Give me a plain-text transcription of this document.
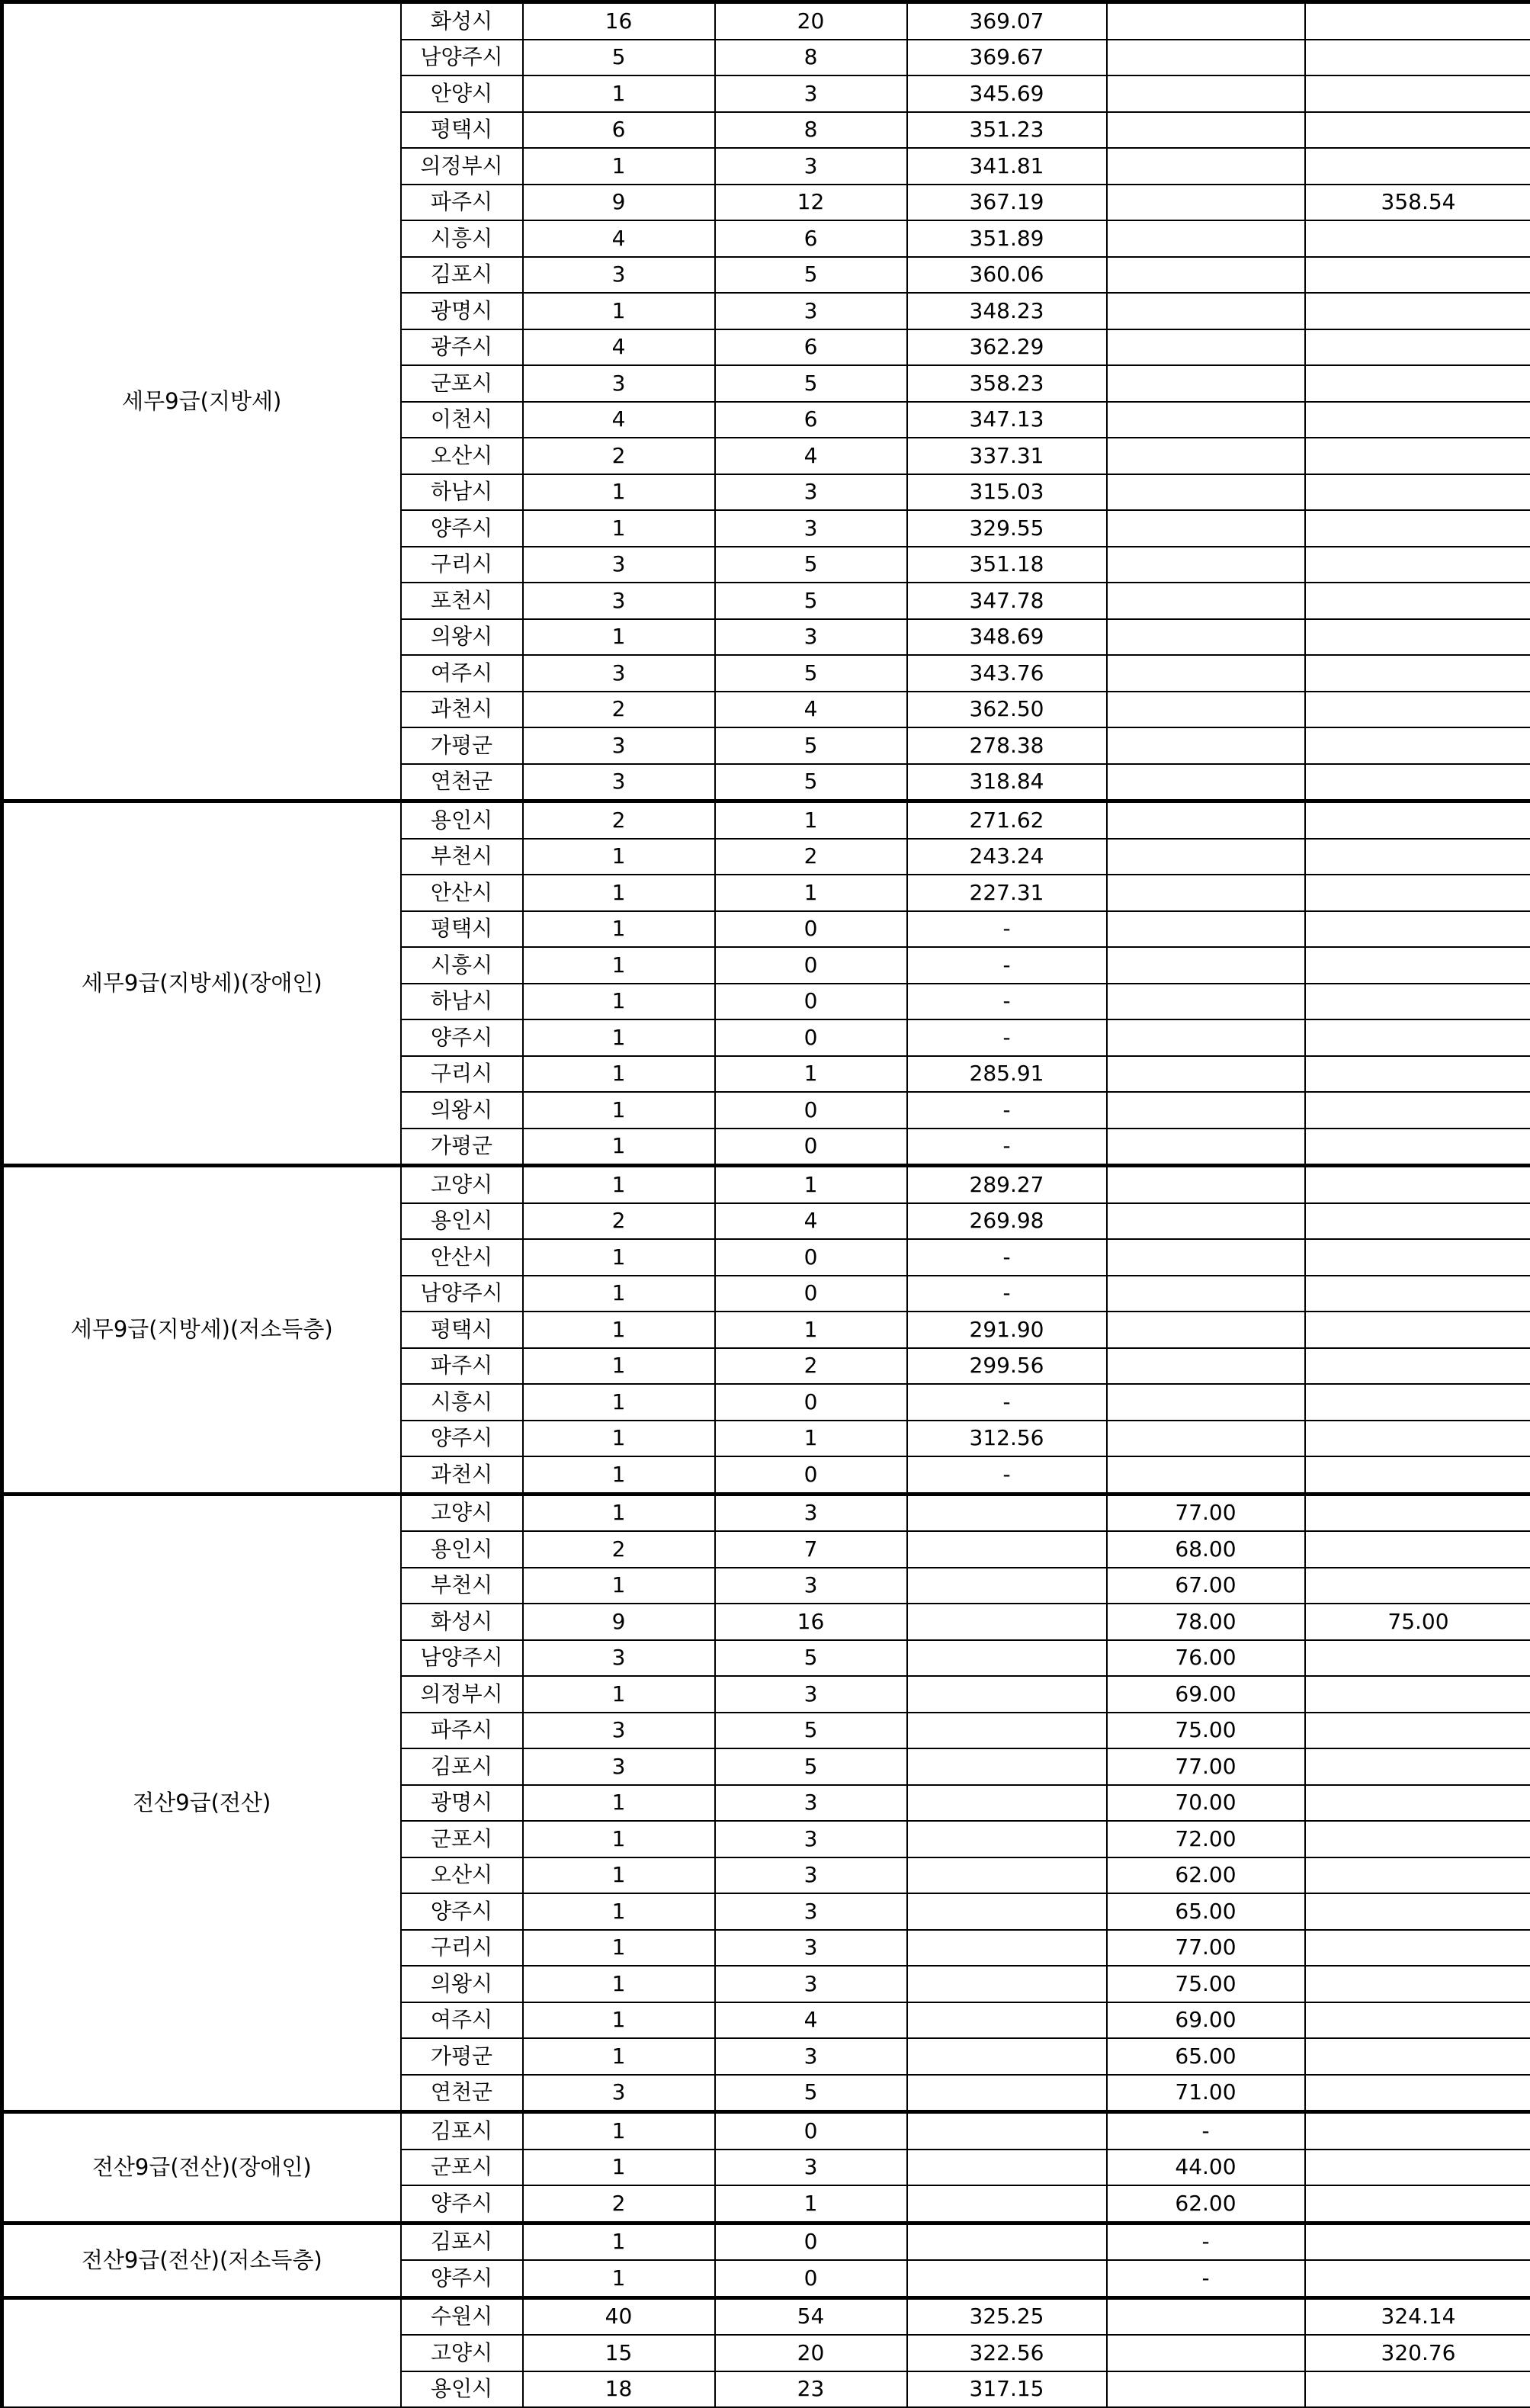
세무9급(지방세)	화성시	16	20	369.07		
	남양주시	5	8	369.67		
	안양시	1	3	345.69		
	평택시	6	8	351.23		
	의정부시	1	3	341.81		
	파주시	9	12	367.19		358.54
	시흥시	4	6	351.89		
	김포시	3	5	360.06		
	광명시	1	3	348.23		
	광주시	4	6	362.29		
	군포시	3	5	358.23		
	이천시	4	6	347.13		
	오산시	2	4	337.31		
	하남시	1	3	315.03		
	양주시	1	3	329.55		
	구리시	3	5	351.18		
	포천시	3	5	347.78		
	의왕시	1	3	348.69		
	여주시	3	5	343.76		
	과천시	2	4	362.50		
	가평군	3	5	278.38		
	연천군	3	5	318.84		
세무9급(지방세)(장애인)	용인시	2	1	271.62		
	부천시	1	2	243.24		
	안산시	1	1	227.31		
	평택시	1	0	-		
	시흥시	1	0	-		
	하남시	1	0	-		
	양주시	1	0	-		
	구리시	1	1	285.91		
	의왕시	1	0	-		
	가평군	1	0	-		
세무9급(지방세)(저소득층)	고양시	1	1	289.27		
	용인시	2	4	269.98		
	안산시	1	0	-		
	남양주시	1	0	-		
	평택시	1	1	291.90		
	파주시	1	2	299.56		
	시흥시	1	0	-		
	양주시	1	1	312.56		
	과천시	1	0	-		
전산9급(전산)	고양시	1	3		77.00	
	용인시	2	7		68.00	
	부천시	1	3		67.00	
	화성시	9	16		78.00	75.00
	남양주시	3	5		76.00	
	의정부시	1	3		69.00	
	파주시	3	5		75.00	
	김포시	3	5		77.00	
	광명시	1	3		70.00	
	군포시	1	3		72.00	
	오산시	1	3		62.00	
	양주시	1	3		65.00	
	구리시	1	3		77.00	
	의왕시	1	3		75.00	
	여주시	1	4		69.00	
	가평군	1	3		65.00	
	연천군	3	5		71.00	
전산9급(전산)(장애인)	김포시	1	0		-	
	군포시	1	3		44.00	
	양주시	2	1		62.00	
전산9급(전산)(저소득층)	김포시	1	0		-	
	양주시	1	0		-	
	수원시	40	54	325.25		324.14
	고양시	15	20	322.56		320.76
	용인시	18	23	317.15		
